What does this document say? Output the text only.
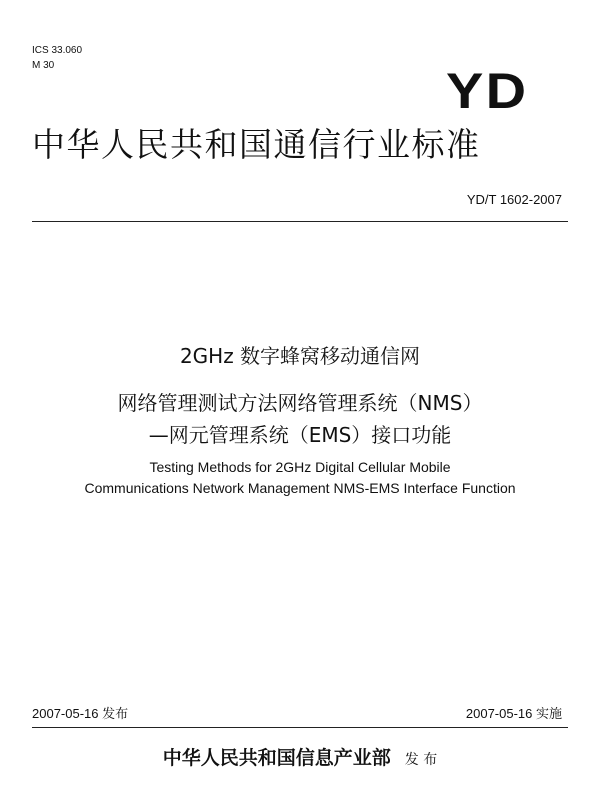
ICS 33.060
M 30	YD
中华人民共和国通信行业标准
YD/T 1602-2007
2GHz 数字蜂窝移动通信网
网络管理测试方法网络管理系统（NMS）
—网元管理系统（EMS）接口功能
Testing Methods for 2GHz Digital Cellular Mobile
Communications Network Management NMS-EMS Interface Function
2007-05-16 发布	2007-05-16 实施
中华人民共和国信息产业部 发 布
